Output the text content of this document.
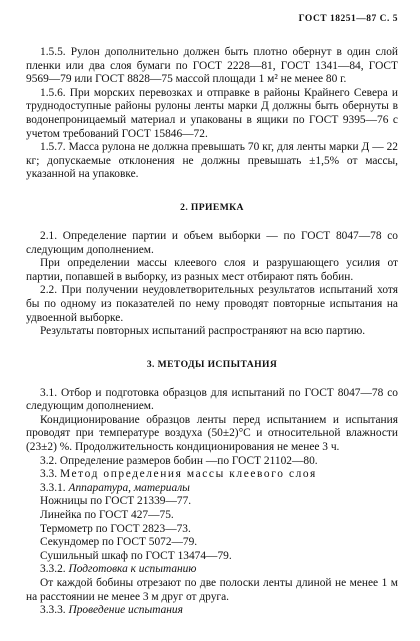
ГОСТ 18251—87 С. 5

1.5.5. Рулон дополнительно должен быть плотно обернут в один слой пленки или два слоя бумаги по ГОСТ 2228—81, ГОСТ 1341—84, ГОСТ 9569—79 или ГОСТ 8828—75 массой площади 1 м² не менее 80 г.

1.5.6. При морских перевозках и отправке в районы Крайнего Севера и труднодоступные районы рулоны ленты марки Д должны быть обернуты в водонепроницаемый материал и упакованы в ящики по ГОСТ 9395—76 с учетом требований ГОСТ 15846—72.

1.5.7. Масса рулона не должна превышать 70 кг, для ленты марки Д — 22 кг; допускаемые отклонения не должны превышать ±1,5% от массы, указанной на упаковке.

2. ПРИЕМКА

2.1. Определение партии и объем выборки — по ГОСТ 8047—78 со следующим дополнением.

При определении массы клеевого слоя и разрушающего усилия от партии, попавшей в выборку, из разных мест отбирают пять бобин.

2.2. При получении неудовлетворительных результатов испытаний хотя бы по одному из показателей по нему проводят повторные испытания на удвоенной выборке.

Результаты повторных испытаний распространяют на всю партию.

3. МЕТОДЫ ИСПЫТАНИЯ

3.1. Отбор и подготовка образцов для испытаний по ГОСТ 8047—78 со следующим дополнением.

Кондиционирование образцов ленты перед испытанием и испытания проводят при температуре воздуха (50±2)°С и относительной влажности (23±2) %. Продолжительность кондиционирования не менее 3 ч.

3.2. Определение размеров бобин —по ГОСТ 21102—80.

3.3. Метод определения массы клеевого слоя

3.3.1. Аппаратура, материалы

Ножницы по ГОСТ 21339—77.

Линейка по ГОСТ 427—75.

Термометр по ГОСТ 2823—73.

Секундомер по ГОСТ 5072—79.

Сушильный шкаф по ГОСТ 13474—79.

3.3.2. Подготовка к испытанию

От каждой бобины отрезают по две полоски ленты длиной не менее 1 м на расстоянии не менее 3 м друг от друга.

3.3.3. Проведение испытания
